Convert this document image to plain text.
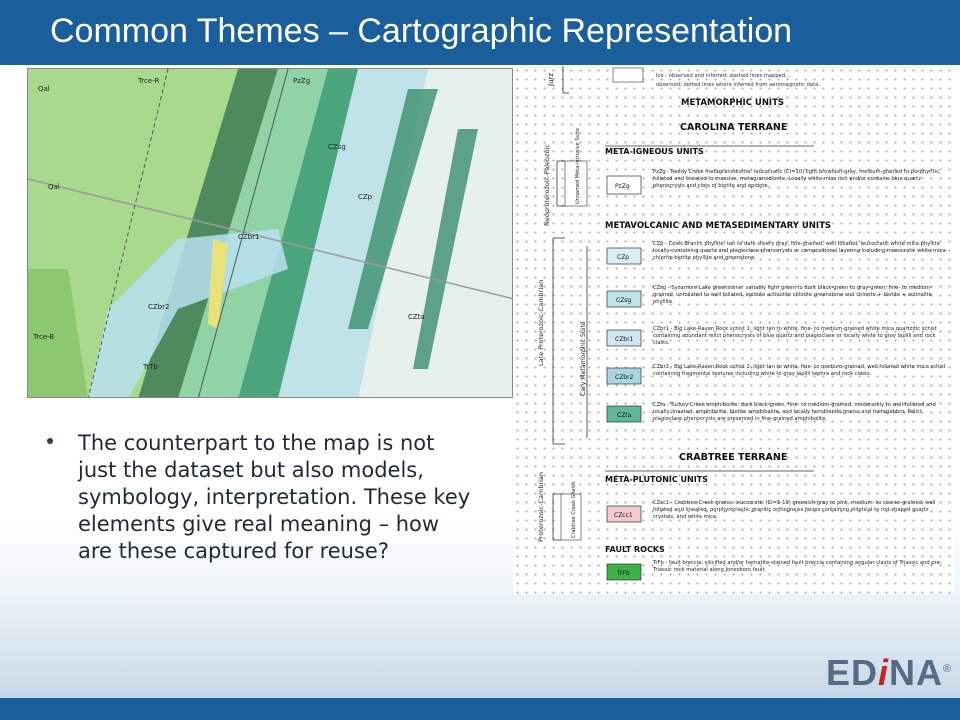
Common Themes – Cartographic Representation
Trce-R
Qal
PzZg
CZsg
CZbr1
CZp
CZbr2
Qal
Trce-B
TrTb
CZta
Ice - observed and inferred; dashed lines mapped...
observed; dotted lines where inferred from aeromagnetic data.
Jurz
METAMORPHIC UNITS
CAROLINA TERRANE
META-IGNEOUS UNITS
Neoproterozoic-Paleozoic	Unnamed Meta-intrusive Suite	PzZg
PzZg - Reedy Creek metagranodiorite: leucocratic (CI=10) light brownish-gray, medium-grained to porphyritic, foliated and lineated to massive, metagranodiorite. Locally white mica rich and/or contains blue quartz phenocrysts and clots of biotite and epidote.
METAVOLCANIC AND METASEDIMENTARY UNITS
Late Proterozoic-Cambrian	Cary Metamorphic Suite
CZp
CZp - Coles Branch phyllite: tan to dark silvery gray, fine-grained, well foliated, leucocratic white mica phyllite locally containing quartz and plagioclase phenocrysts or compositional layering including mesocratic white mica-chlorite-biotite phyllite and greenstone.
CZsg
CZsg - Sycamore Lake greenstone: variably light green to dark black-green to gray-green, fine- to medium-grained, unfoliated to well foliated, epidote actinolite chlorite greenstone and chlorite + biotite + actinolite phyllite.
CZbr1
CZbr1 - Big Lake-Raven Rock schist 1: light tan to white, fine- to medium-grained white mica quartzitic schist containing abundant relict phenocrysts of blue quartz and plagioclase or locally white to gray lapilli and rock clasts.
CZbr2
CZbr2 - Big Lake-Raven Rock schist 2: light tan to white, fine- to medium-grained, well foliated white mica schist containing fragmental textures including white to gray lapilli tephra and rock clasts.
CZta
CZta - Tuckey Creek amphibolite: dark black-green, fine- to medium-grained, moderately to well-foliated and locally lineated, amphibolite, biotite amphibolite, and locally hornblende gneiss and metagabbro. Relict plagioclase phenocrysts are preserved in fine-grained amphibolite.
CRABTREE TERRANE
META-PLUTONIC UNITS
Proterozoic-Cambrian	Crabtree Creek Gneiss	CZcc1
CZcc1 - Crabtree Creek gneiss: leucocratic (CI=5-10) greenish-gray to pink, medium- to coarse-grained, well foliated and lineated, porphyroclastic granitic orthogneiss facies containing elliptical to rod-shaped quartz crystals, and white mica.
FAULT ROCKS
TrFb
TrFb - fault breccia: silicified and/or hematite-stained fault breccia containing angular clasts of Triassic and pre-Triassic rock material along Jonesboro fault.
The counterpart to the map is not just the dataset but also models, symbology, interpretation. These key elements give real meaning – how are these captured for reuse?
EDiNA®
